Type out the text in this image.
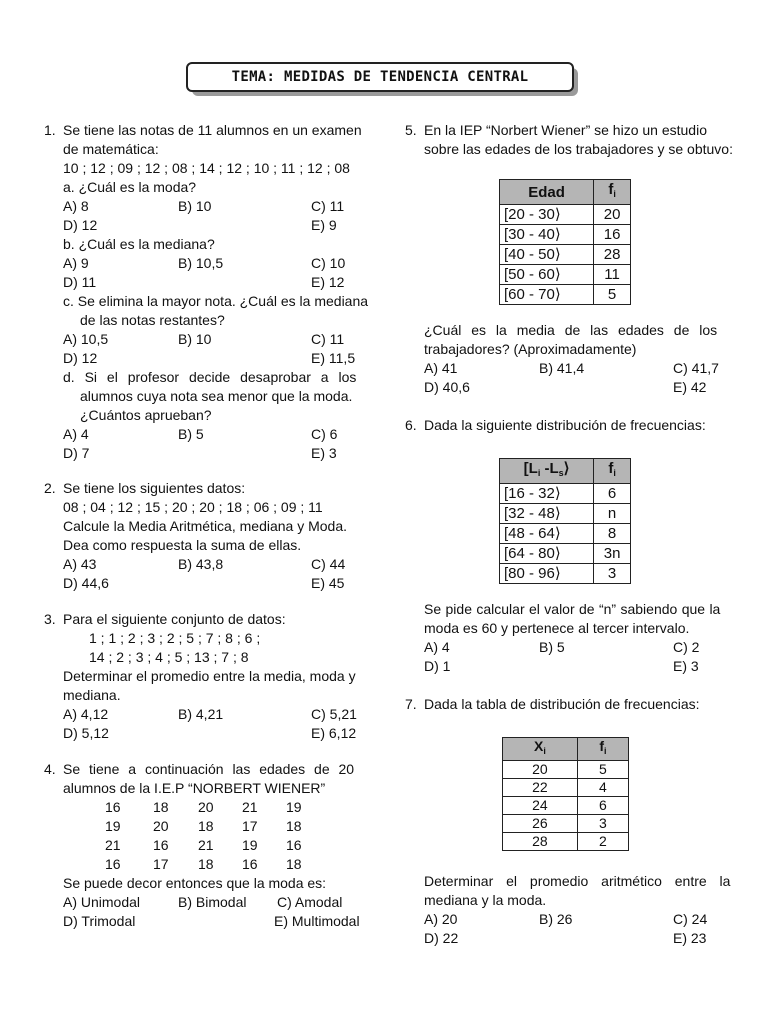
TEMA: MEDIDAS DE TENDENCIA CENTRAL
1. Se tiene las notas de 11 alumnos en un examen
de matemática:
10 ; 12 ; 09 ; 12 ; 08 ; 14 ; 12 ; 10 ; 11 ; 12 ; 08
a. ¿Cuál es la moda?
A) 8	B) 10	C) 11
D) 12	E) 9
b. ¿Cuál es la mediana?
A) 9	B) 10,5	C) 10
D) 11	E) 12
c. Se elimina la mayor nota. ¿Cuál es la mediana
de las notas restantes?
A) 10,5	B) 10	C) 11
D) 12	E) 11,5
d. Si el profesor decide desaprobar a los
alumnos cuya nota sea menor que la moda.
¿Cuántos aprueban?
A) 4	B) 5	C) 6
D) 7	E) 3
2. Se tiene los siguientes datos:
08 ; 04 ; 12 ; 15 ; 20 ; 20 ; 18 ; 06 ; 09 ; 11
Calcule la Media Aritmética, mediana y Moda.
Dea como respuesta la suma de ellas.
A) 43	B) 43,8	C) 44
D) 44,6	E) 45
3. Para el siguiente conjunto de datos:
1 ; 1 ; 2 ; 3 ; 2 ; 5 ; 7 ; 8 ; 6 ;
14 ; 2 ; 3 ; 4 ; 5 ; 13 ; 7 ; 8
Determinar el promedio entre la media, moda y
mediana.
A) 4,12	B) 4,21	C) 5,21
D) 5,12	E) 6,12
4. Se tiene a continuación las edades de 20
alumnos de la I.E.P “NORBERT WIENER”
16 18 20 21 19
19 20 18 17 18
21 16 21 19 16
16 17 18 16 18
Se puede decor entonces que la moda es:
A) Unimodal	B) Bimodal C) Amodal
D) Trimodal	E) Multimodal
5. En la IEP “Norbert Wiener” se hizo un estudio
sobre las edades de los trabajadores y se obtuvo:
Edad	$f_i$
[20 - 30⟩	20
[30 - 40⟩	16
[40 - 50⟩	28
[50 - 60⟩	11
[60 - 70⟩	5
¿Cuál es la media de las edades de los
trabajadores? (Aproximadamente)
A) 41	B) 41,4	C) 41,7
D) 40,6	E) 42
6. Dada la siguiente distribución de frecuencias:
[$L_i$ $-L_s⟩$	$f_i$
[16 - 32⟩	6
[32 - 48⟩	n
[48 - 64⟩	8
[64 - 80⟩	3n
[80 - 96⟩	3
Se pide calcular el valor de “n” sabiendo que la
moda es 60 y pertenece al tercer intervalo.
A) 4	B) 5	C) 2
D) 1	E) 3
7. Dada la tabla de distribución de frecuencias:
$X_i$	$f_i$
20	5
22	4
24	6
26	3
28	2
Determinar el promedio aritmético entre la
mediana y la moda.
A) 20	B) 26	C) 24
D) 22	E) 23
